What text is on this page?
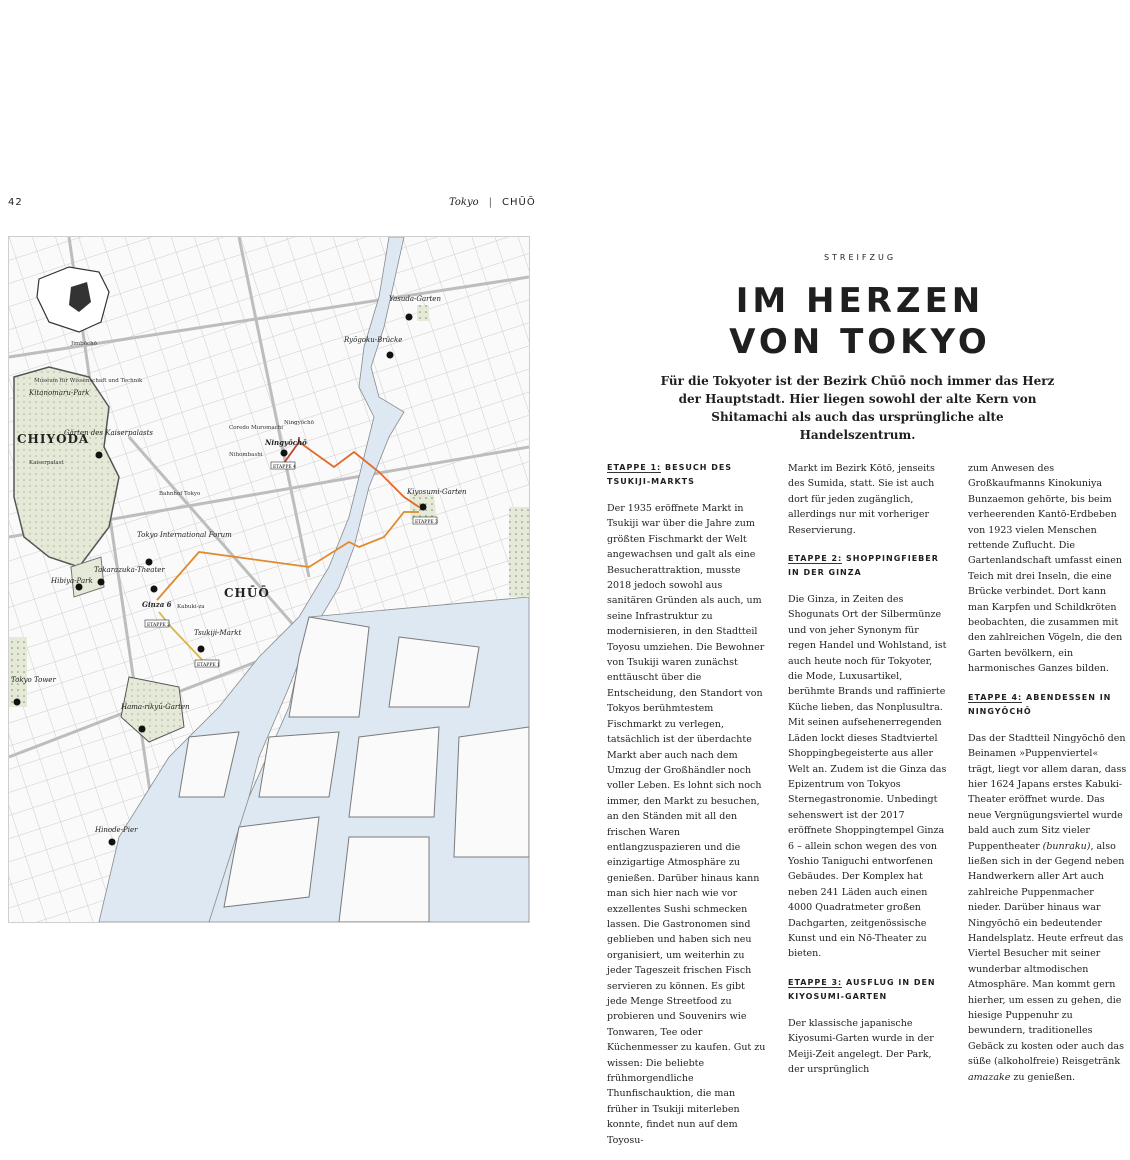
42	Tokyo | CHŪŌ
Jimbōchō
Museum für Wissenschaft und Technik
Kitanomaru-Park
CHIYODA
Gärten des Kaiserpalasts
Kaiserpalast
Bahnhof Tokyo
Nihombashi
Coredo Muromachi
Ningyōchō
Ningyōchō
Tokyo International Forum
Takarazuka-Theater
Hibiya-Park
CHŪŌ
Ginza 6 Kabuki-za
Tsukiji-Markt
Tokyo Tower
Hama-rikyū-Garten
Hinode-Pier
Ryōgoku-Brücke
Yasuda-Garten
Kiyosumi-Garten
ETAPPE 2
ETAPPE 1
ETAPPE 4
ETAPPE 3
STREIFZUG
IM HERZEN
VON TOKYO
Für die Tokyoter ist der Bezirk Chūō noch immer das Herz der Hauptstadt. Hier liegen sowohl der alte Kern von Shitamachi als auch das ursprüngliche alte Handelszentrum.
ETAPPE 1: BESUCH DES TSUKIJI-MARKTS

Der 1935 eröffnete Markt in Tsukiji war über die Jahre zum größten Fischmarkt der Welt angewachsen und galt als eine Besucherattraktion, musste 2018 jedoch sowohl aus sanitären Gründen als auch, um seine Infrastruktur zu modernisieren, in den Stadtteil Toyosu umziehen. Die Bewohner von Tsukiji waren zunächst enttäuscht über die Entscheidung, den Standort von Tokyos berühmtestem Fischmarkt zu verlegen, tatsächlich ist der überdachte Markt aber auch nach dem Umzug der Großhändler noch voller Leben. Es lohnt sich noch immer, den Markt zu besuchen, an den Ständen mit all den frischen Waren entlangzuspazieren und die einzigartige Atmosphäre zu genießen. Darüber hinaus kann man sich hier nach wie vor exzellentes Sushi schmecken lassen. Die Gastronomen sind geblieben und haben sich neu organisiert, um weiterhin zu jeder Tageszeit frischen Fisch servieren zu können. Es gibt jede Menge Streetfood zu probieren und Souvenirs wie Tonwaren, Tee oder Küchenmesser zu kaufen. Gut zu wissen: Die beliebte frühmorgendliche Thunfischauktion, die man früher in Tsukiji miterleben konnte, findet nun auf dem Toyosu-

Markt im Bezirk Kōtō, jenseits des Sumida, statt. Sie ist auch dort für jeden zugänglich, allerdings nur mit vorheriger Reservierung.

ETAPPE 2: SHOPPINGFIEBER IN DER GINZA

Die Ginza, in Zeiten des Shogunats Ort der Silbermünze und von jeher Synonym für regen Handel und Wohlstand, ist auch heute noch für Tokyoter, die Mode, Luxusartikel, berühmte Brands und raffinierte Küche lieben, das Nonplusultra. Mit seinen aufsehenerregenden Läden lockt dieses Stadtviertel Shoppingbegeisterte aus aller Welt an. Zudem ist die Ginza das Epizentrum von Tokyos Sternegastronomie. Unbedingt sehenswert ist der 2017 eröffnete Shoppingtempel Ginza 6 – allein schon wegen des von Yoshio Taniguchi entworfenen Gebäudes. Der Komplex hat neben 241 Läden auch einen 4000 Quadratmeter großen Dachgarten, zeitgenössische Kunst und ein Nō-Theater zu bieten.

ETAPPE 3: AUSFLUG IN DEN KIYOSUMI-GARTEN

Der klassische japanische Kiyosumi-Garten wurde in der Meiji-Zeit angelegt. Der Park, der ursprünglich

zum Anwesen des Großkaufmanns Kinokuniya Bunzaemon gehörte, bis beim verheerenden Kantō-Erdbeben von 1923 vielen Menschen rettende Zuflucht. Die Gartenlandschaft umfasst einen Teich mit drei Inseln, die eine Brücke verbindet. Dort kann man Karpfen und Schildkröten beobachten, die zusammen mit den zahlreichen Vögeln, die den Garten bevölkern, ein harmonisches Ganzes bilden.

ETAPPE 4: ABENDESSEN IN NINGYŌCHŌ

Das der Stadtteil Ningyōchō den Beinamen »Puppenviertel« trägt, liegt vor allem daran, dass hier 1624 Japans erstes Kabuki-Theater eröffnet wurde. Das neue Vergnügungsviertel wurde bald auch zum Sitz vieler Puppentheater (bunraku), also ließen sich in der Gegend neben Handwerkern aller Art auch zahlreiche Puppenmacher nieder. Darüber hinaus war Ningyōchō ein bedeutender Handelsplatz. Heute erfreut das Viertel Besucher mit seiner wunderbar altmodischen Atmosphäre. Man kommt gern hierher, um essen zu gehen, die hiesige Puppenuhr zu bewundern, traditionelles Gebäck zu kosten oder auch das süße (alkoholfreie) Reisgetränk amazake zu genießen.
